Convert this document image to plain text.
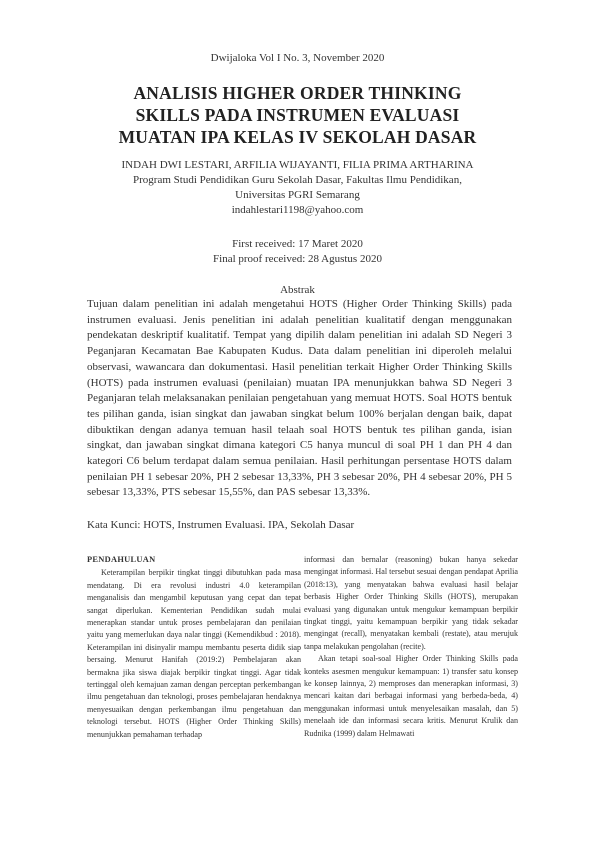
Dwijaloka Vol I No. 3, November 2020
ANALISIS HIGHER ORDER THINKING
SKILLS PADA INSTRUMEN EVALUASI
MUATAN IPA KELAS IV SEKOLAH DASAR
INDAH DWI LESTARI, ARFILIA WIJAYANTI, FILIA PRIMA ARTHARINA
Program Studi Pendidikan Guru Sekolah Dasar, Fakultas Ilmu Pendidikan,
Universitas PGRI Semarang
indahlestari1198@yahoo.com
First received: 17 Maret 2020
Final proof received: 28 Agustus 2020
Abstrak

Tujuan dalam penelitian ini adalah mengetahui HOTS (Higher Order Thinking Skills) pada instrumen evaluasi. Jenis penelitian ini adalah penelitian kualitatif dengan menggunakan pendekatan deskriptif kualitatif. Tempat yang dipilih dalam penelitian ini adalah SD Negeri 3 Peganjaran Kecamatan Bae Kabupaten Kudus. Data dalam penelitian ini diperoleh melalui observasi, wawancara dan dokumentasi. Hasil penelitian terkait Higher Order Thinking Skills (HOTS) pada instrumen evaluasi (penilaian) muatan IPA menunjukkan bahwa SD Negeri 3 Peganjaran telah melaksanakan penilaian pengetahuan yang memuat HOTS. Soal HOTS bentuk tes pilihan ganda, isian singkat dan jawaban singkat belum 100% berjalan dengan baik, dapat dibuktikan dengan adanya temuan hasil telaah soal HOTS bentuk tes pilihan ganda, isian singkat, dan jawaban singkat dimana kategori C5 hanya muncul di soal PH 1 dan PH 4 dan kategori C6 belum terdapat dalam semua penilaian. Hasil perhitungan persentase HOTS dalam penilaian PH 1 sebesar 20%, PH 2 sebesar 13,33%, PH 3 sebesar 20%, PH 4 sebesar 20%, PH 5 sebesar 13,33%, PTS sebesar 15,55%, dan PAS sebesar 13,33%.

Kata Kunci: HOTS, Instrumen Evaluasi. IPA, Sekolah Dasar
PENDAHULUAN

Keterampilan berpikir tingkat tinggi dibutuhkan pada masa mendatang. Di era revolusi industri 4.0 keterampilan menganalisis dan mengambil keputusan yang cepat dan tepat sangat diperlukan. Kementerian Pendidikan sudah mulai menerapkan standar untuk proses pembelajaran dan penilaian yaitu yang memerlukan daya nalar tinggi (Kemendikbud : 2018). Keterampilan ini disinyalir mampu membantu peserta didik siap bersaing. Menurut Hanifah (2019:2) Pembelajaran akan bermakna jika siswa diajak berpikir tingkat tinggi. Agar tidak tertinggal oleh kemajuan zaman dengan perceptan perkembangan ilmu pengetahuan dan teknologi, proses pembelajaran hendaknya menyesuaikan dengan perkembangan ilmu pengetahuan dan teknologi tersebut. HOTS (Higher Order Thinking Skills) menunjukkan pemahaman terhadap

informasi dan bernalar (reasoning) bukan hanya sekedar mengingat informasi. Hal tersebut sesuai dengan pendapat Aprilia (2018:13), yang menyatakan bahwa evaluasi hasil belajar berbasis Higher Order Thinking Skills (HOTS), merupakan evaluasi yang digunakan untuk mengukur kemampuan berpikir tingkat tinggi, yaitu kemampuan berpikir yang tidak sekadar mengingat (recall), menyatakan kembali (restate), atau merujuk tanpa melakukan pengolahan (recite).

Akan tetapi soal-soal Higher Order Thinking Skills pada konteks asesmen mengukur kemampuan: 1) transfer satu konsep ke konsep lainnya, 2) memproses dan menerapkan informasi, 3) mencari kaitan dari berbagai informasi yang berbeda-beda, 4) menggunakan informasi untuk menyelesaikan masalah, dan 5) menelaah ide dan informasi secara kritis. Menurut Krulik dan Rudnika (1999) dalam Helmawati
